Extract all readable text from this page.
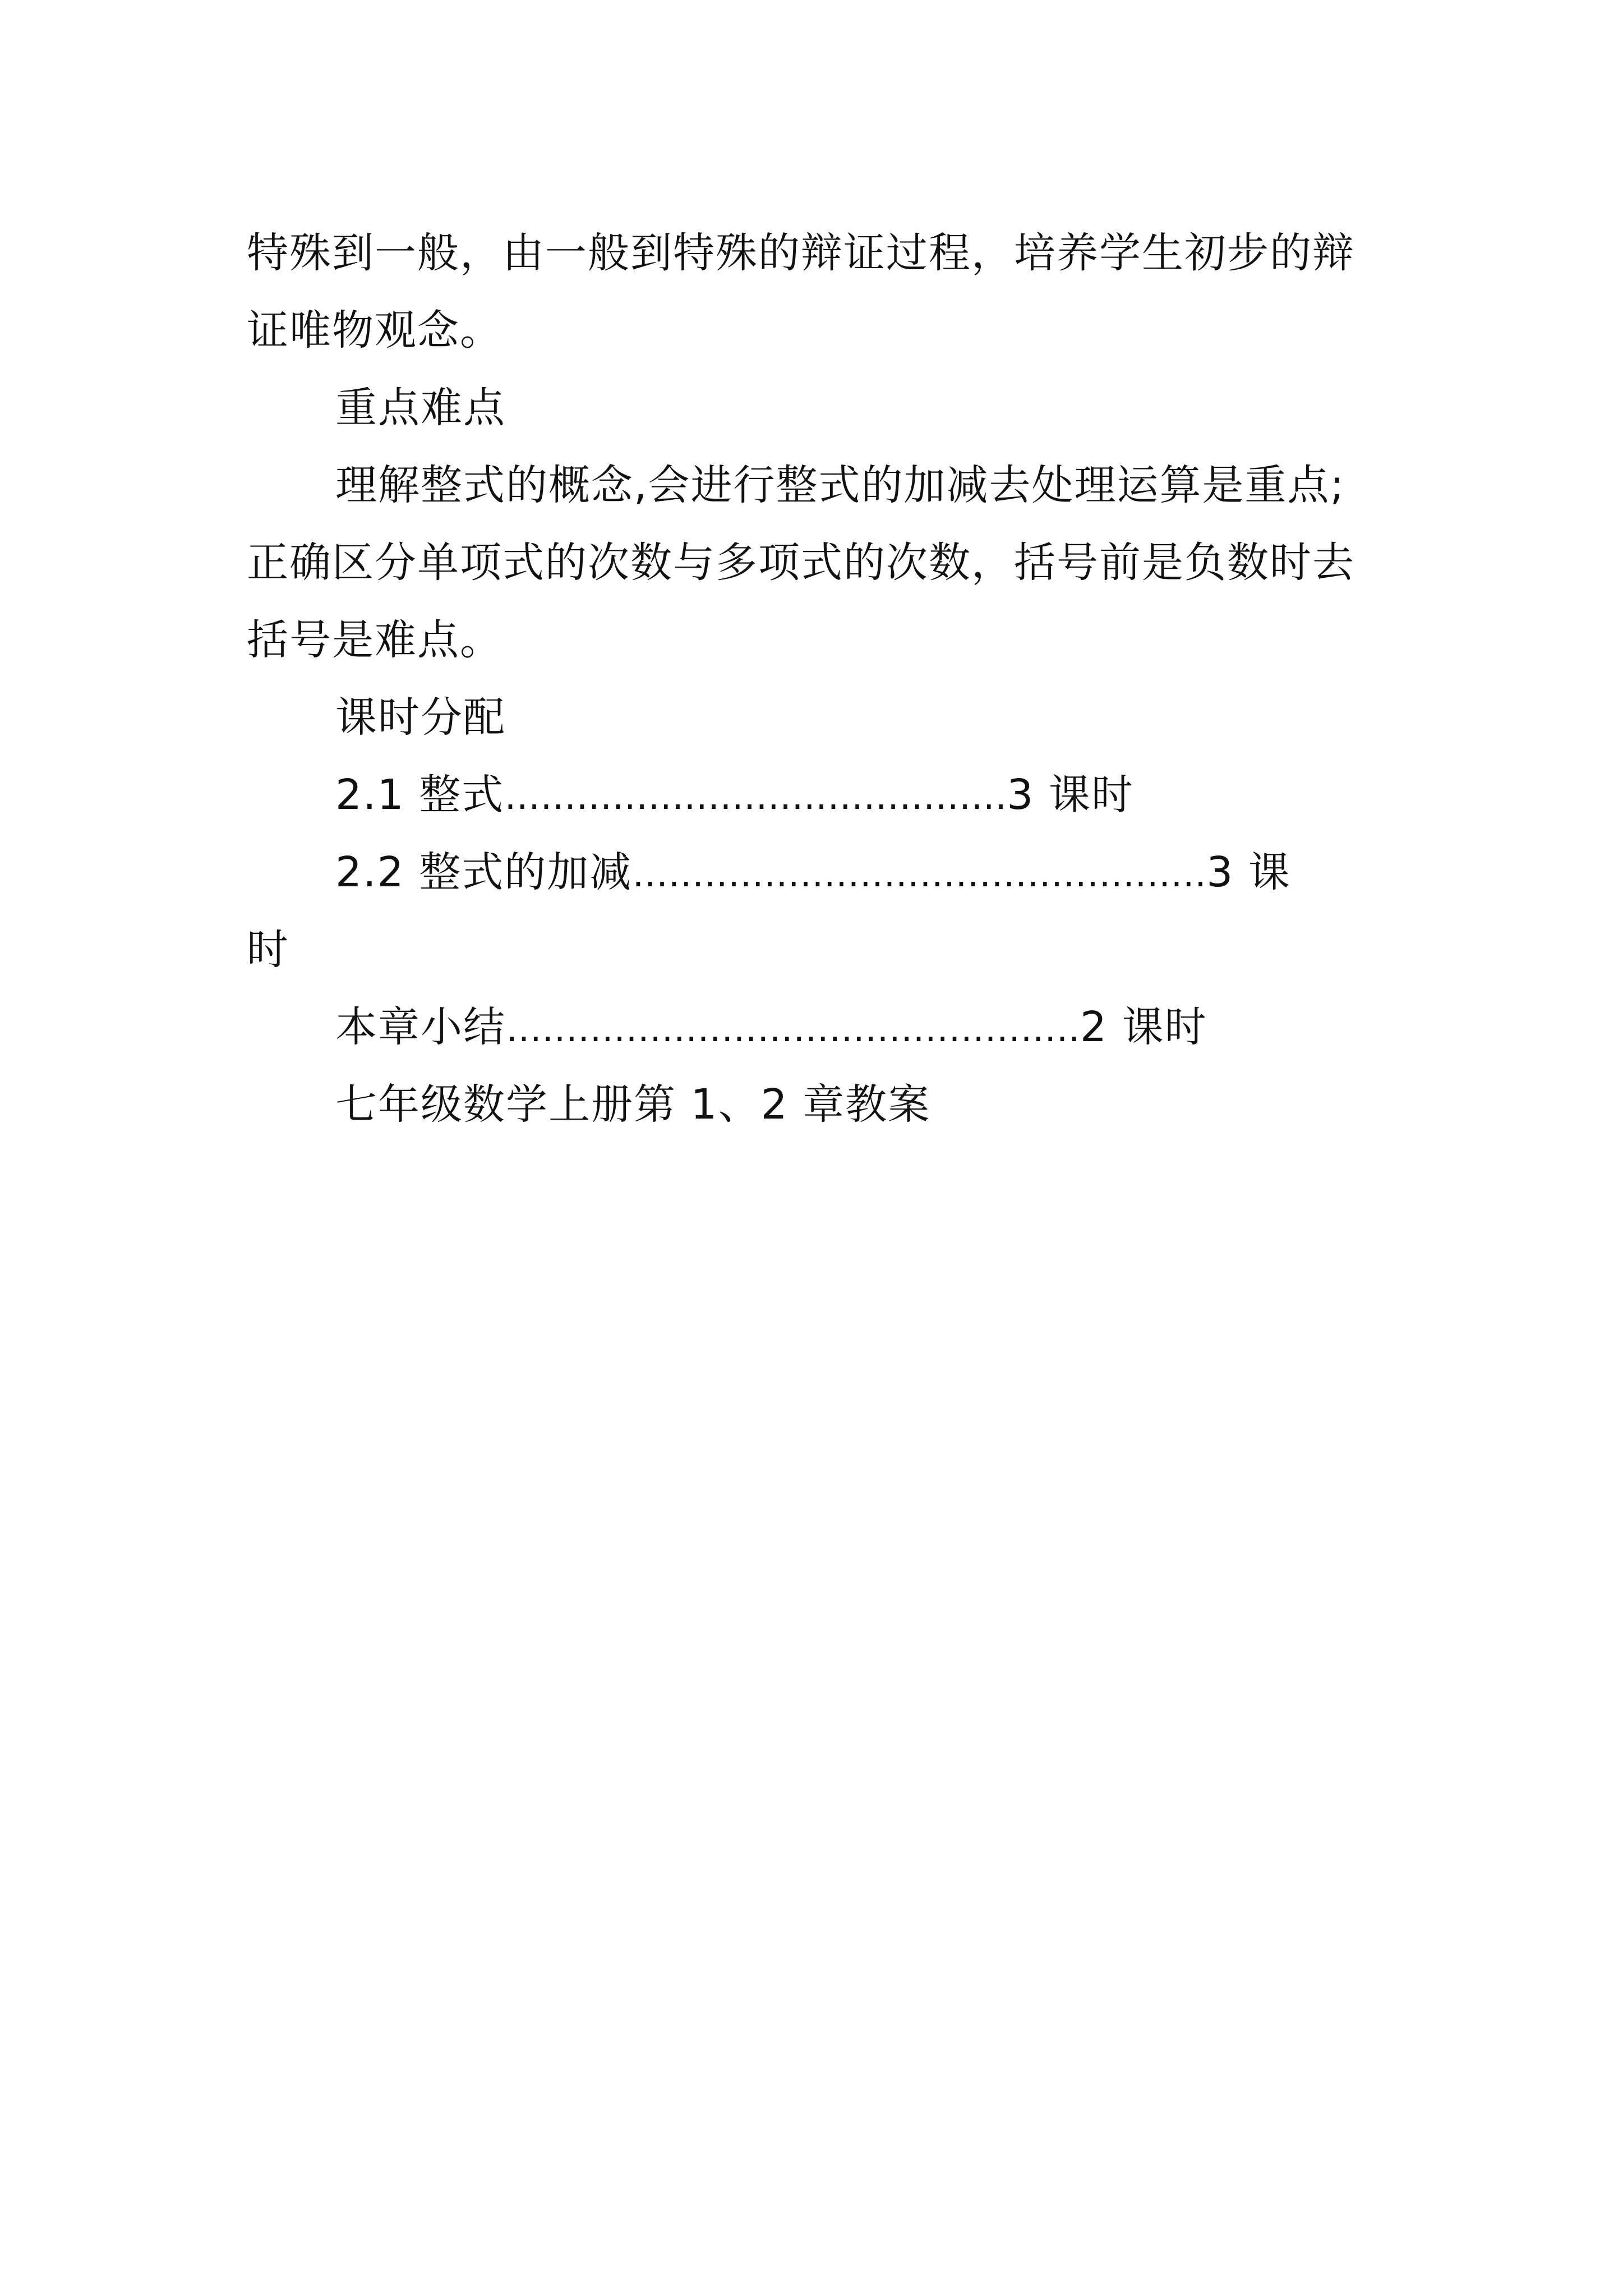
特殊到一般，由一般到特殊的辩证过程，培养学生初步的辩
证唯物观念。
重点难点
理解整式的概念,会进行整式的加减去处理运算是重点;
正确区分单项式的次数与多项式的次数，括号前是负数时去
括号是难点。
课时分配
2.1 整式 …………………………………… 3 课时
2.2 整式的加减 ………………………………………… 3 课
时
本章小结 ………………………………………… 2 课时
七年级数学上册第 1、2 章教案
